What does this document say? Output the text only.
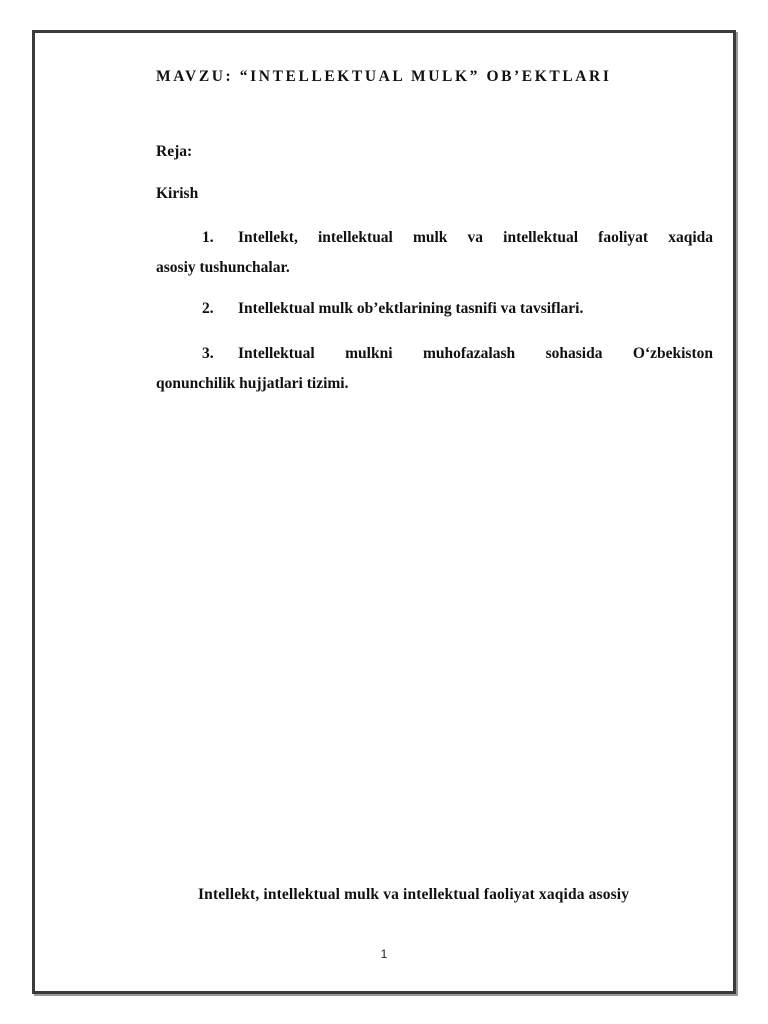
MAVZU: “INTELLEKTUAL MULK” OB’EKTLARI
Reja:
Kirish
1. Intellekt, intellektual mulk va intellektual faoliyat xaqida
asosiy tushunchalar.
2. Intellektual mulk ob’ektlarining tasnifi va tavsiflari.
3. Intellektual mulkni muhofazalash sohasida O‘zbekiston
qonunchilik hujjatlari tizimi.
Intellekt, intellektual mulk va intellektual faoliyat xaqida asosiy
1
